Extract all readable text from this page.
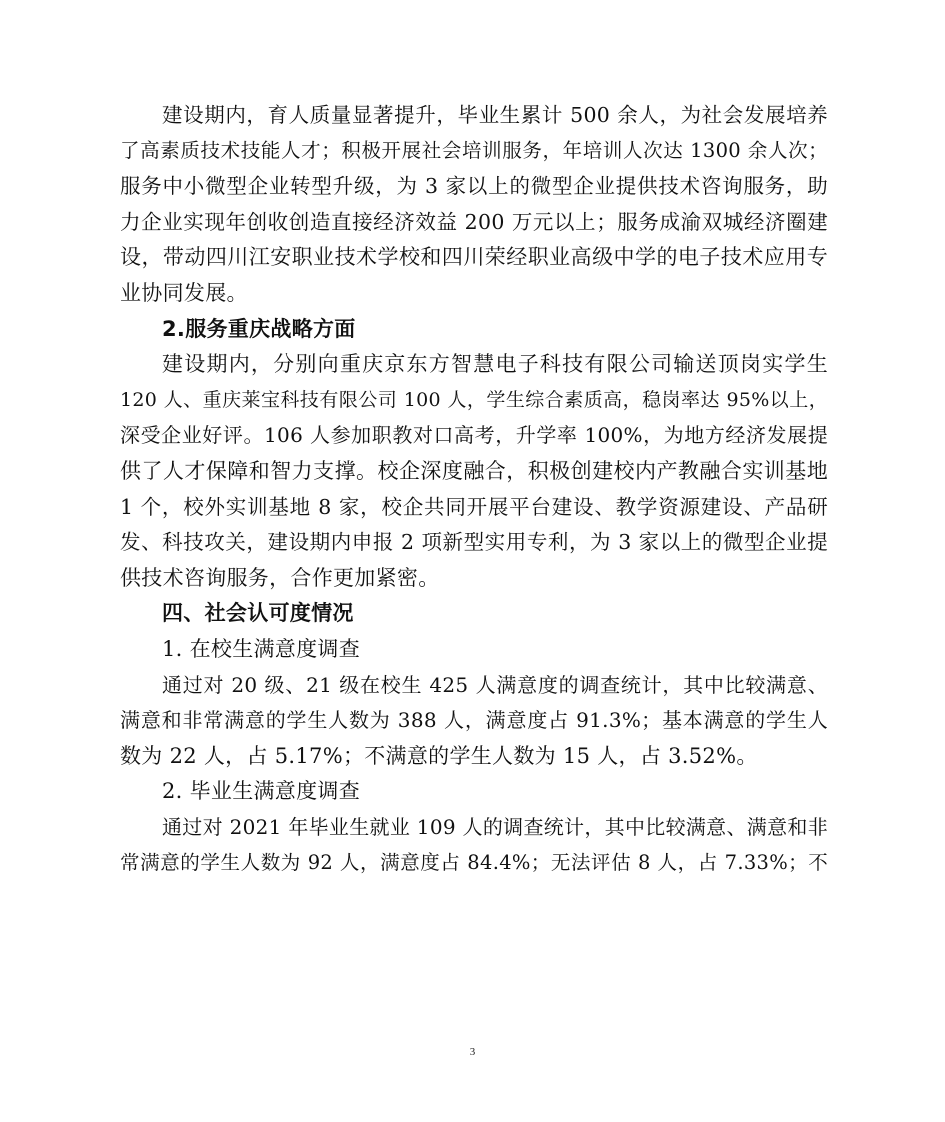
建设期内，育人质量显著提升，毕业生累计 500 余人，为社会发展培养
了高素质技术技能人才；积极开展社会培训服务，年培训人次达 1300 余人次；
服务中小微型企业转型升级，为 3 家以上的微型企业提供技术咨询服务，助
力企业实现年创收创造直接经济效益 200 万元以上；服务成渝双城经济圈建
设，带动四川江安职业技术学校和四川荣经职业高级中学的电子技术应用专
业协同发展。
2.服务重庆战略方面
建设期内，分别向重庆京东方智慧电子科技有限公司输送顶岗实学生
120 人、重庆莱宝科技有限公司 100 人，学生综合素质高，稳岗率达 95%以上，
深受企业好评。106 人参加职教对口高考，升学率 100%，为地方经济发展提
供了人才保障和智力支撑。校企深度融合，积极创建校内产教融合实训基地
1 个，校外实训基地 8 家，校企共同开展平台建设、教学资源建设、产品研
发、科技攻关，建设期内申报 2 项新型实用专利，为 3 家以上的微型企业提
供技术咨询服务，合作更加紧密。
四、社会认可度情况
1. 在校生满意度调查
通过对 20 级、21 级在校生 425 人满意度的调查统计，其中比较满意、
满意和非常满意的学生人数为 388 人，满意度占 91.3%；基本满意的学生人
数为 22 人，占 5.17%；不满意的学生人数为 15 人，占 3.52%。
2. 毕业生满意度调查
通过对 2021 年毕业生就业 109 人的调查统计，其中比较满意、满意和非
常满意的学生人数为 92 人，满意度占 84.4%；无法评估 8 人，占 7.33%；不
3
